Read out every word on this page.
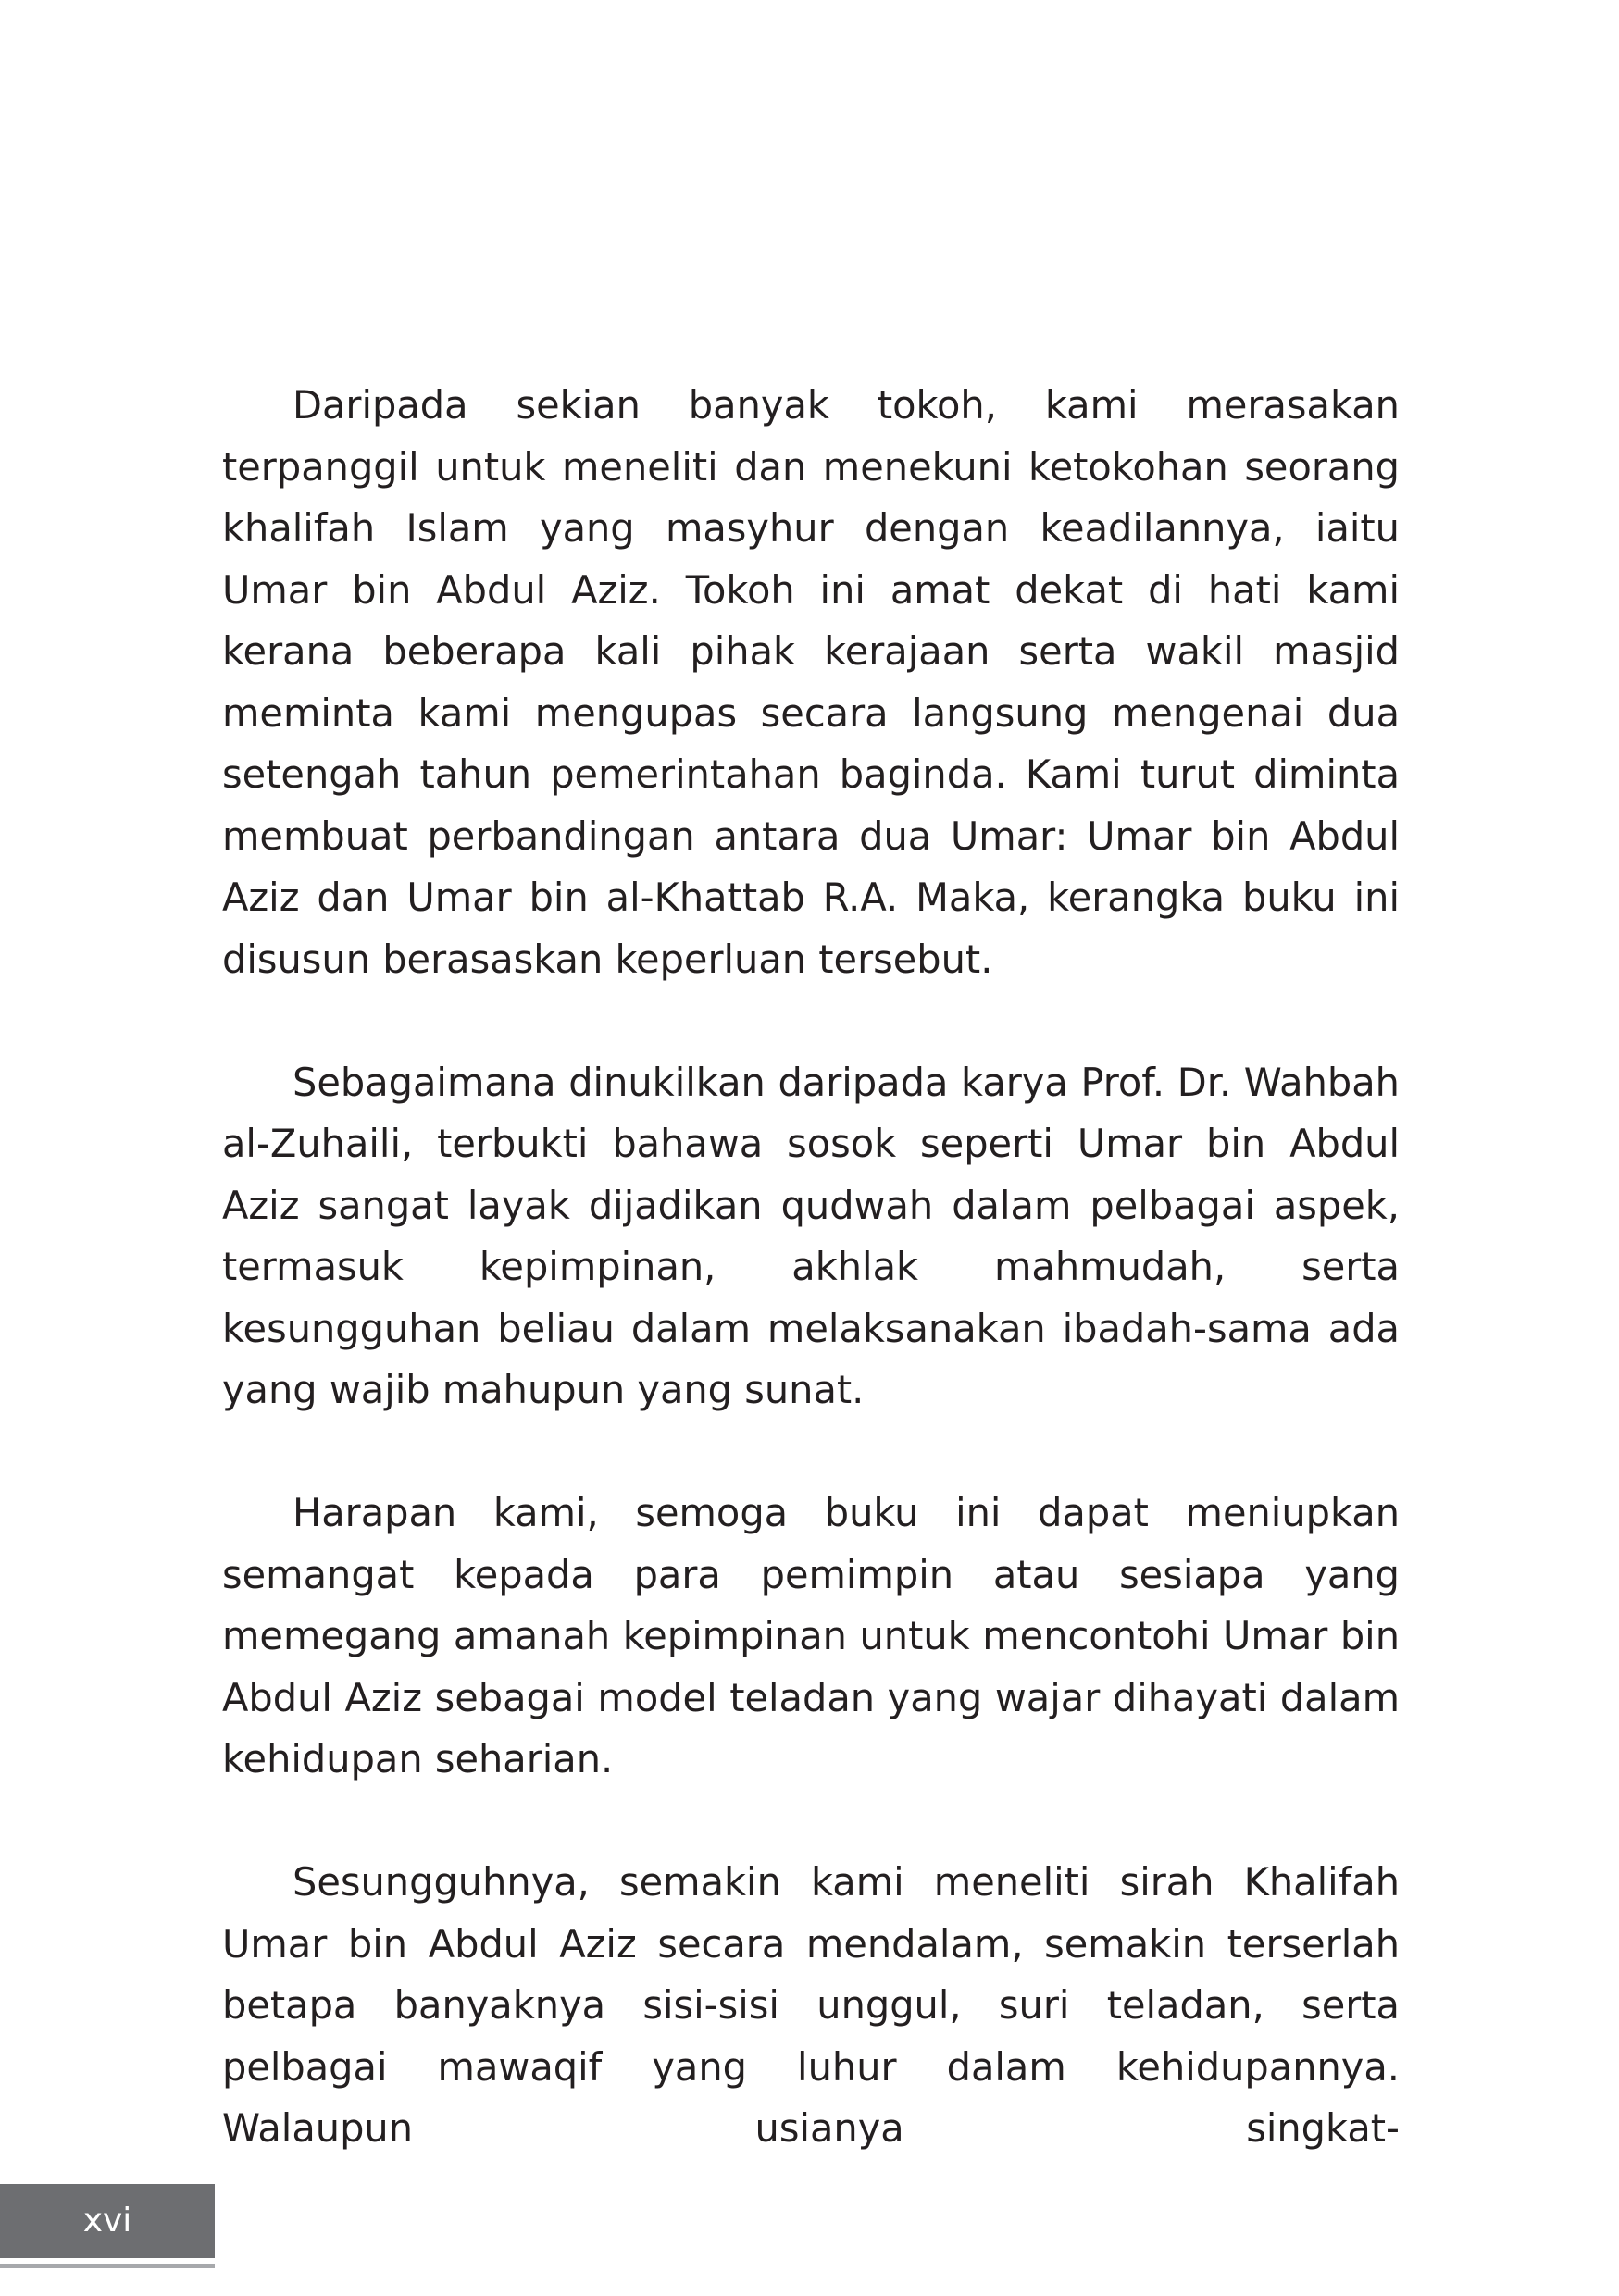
Daripada sekian banyak tokoh, kami merasakan terpanggil untuk meneliti dan menekuni ketokohan seorang khalifah Islam yang masyhur dengan keadilannya, iaitu Umar bin Abdul Aziz. Tokoh ini amat dekat di hati kami kerana beberapa kali pihak kerajaan serta wakil masjid meminta kami mengupas secara langsung mengenai dua setengah tahun pemerintahan baginda. Kami turut diminta membuat perbandingan antara dua Umar: Umar bin Abdul Aziz dan Umar bin al-Khattab R.A. Maka, kerangka buku ini disusun berasaskan keperluan tersebut.

Sebagaimana dinukilkan daripada karya Prof. Dr. Wahbah al-Zuhaili, terbukti bahawa sosok seperti Umar bin Abdul Aziz sangat layak dijadikan qudwah dalam pelbagai aspek, termasuk kepimpinan, akhlak mahmudah, serta kesungguhan beliau dalam melaksanakan ibadah-sama ada yang wajib mahupun yang sunat.

Harapan kami, semoga buku ini dapat meniupkan semangat kepada para pemimpin atau sesiapa yang memegang amanah kepimpinan untuk mencontohi Umar bin Abdul Aziz sebagai model teladan yang wajar dihayati dalam kehidupan seharian.

Sesungguhnya, semakin kami meneliti sirah Khalifah Umar bin Abdul Aziz secara mendalam, semakin terserlah betapa banyaknya sisi-sisi unggul, suri teladan, serta pelbagai mawaqif yang luhur dalam kehidupannya. Walaupun usianya singkat-

xvi
